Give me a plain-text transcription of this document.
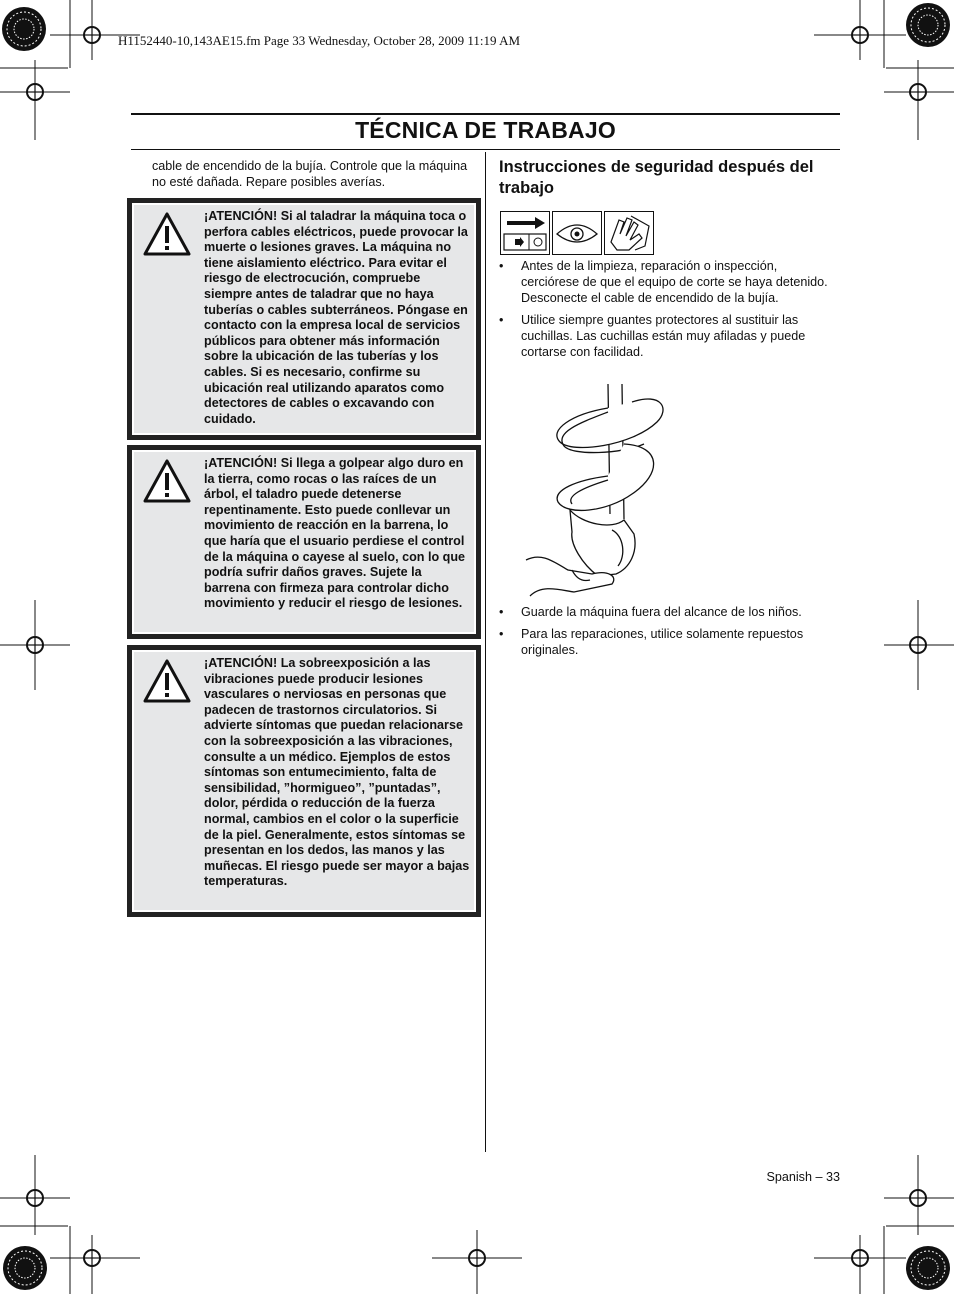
H1152440-10,143AE15.fm Page 33 Wednesday, October 28, 2009 11:19 AM
TÉCNICA DE TRABAJO
cable de encendido de la bujía. Controle que la máquina no esté dañada. Repare posibles averías.
¡ATENCIÓN! Si al taladrar la máquina toca o perfora cables eléctricos, puede provocar la muerte o lesiones graves. La máquina no tiene aislamiento eléctrico. Para evitar el riesgo de electrocución, compruebe siempre antes de taladrar que no haya tuberías o cables subterráneos. Póngase en contacto con la empresa local de servicios públicos para obtener más información sobre la ubicación de las tuberías y los cables. Si es necesario, confirme su ubicación real utilizando aparatos como detectores de cables o excavando con cuidado.
¡ATENCIÓN! Si llega a golpear algo duro en la tierra, como rocas o las raíces de un árbol, el taladro puede detenerse repentinamente. Esto puede conllevar un movimiento de reacción en la barrena, lo que haría que el usuario perdiese el control de la máquina o cayese al suelo, con lo que podría sufrir daños graves. Sujete la barrena con firmeza para controlar dicho movimiento y reducir el riesgo de lesiones.
¡ATENCIÓN! La sobreexposición a las vibraciones puede producir lesiones vasculares o nerviosas en personas que padecen de trastornos circulatorios. Si advierte síntomas que puedan relacionarse con la sobreexposición a las vibraciones, consulte a un médico. Ejemplos de estos síntomas son entumecimiento, falta de sensibilidad, ”hormigueo”, ”puntadas”, dolor, pérdida o reducción de la fuerza normal, cambios en el color o la superficie de la piel. Generalmente, estos síntomas se presentan en los dedos, las manos y las muñecas. El riesgo puede ser mayor a bajas temperaturas.
Instrucciones de seguridad después del trabajo
• Antes de la limpieza, reparación o inspección, cerciórese de que el equipo de corte se haya detenido. Desconecte el cable de encendido de la bujía.
• Utilice siempre guantes protectores al sustituir las cuchillas. Las cuchillas están muy afiladas y puede cortarse con facilidad.
• Guarde la máquina fuera del alcance de los niños.
• Para las reparaciones, utilice solamente repuestos originales.
Spanish – 33
